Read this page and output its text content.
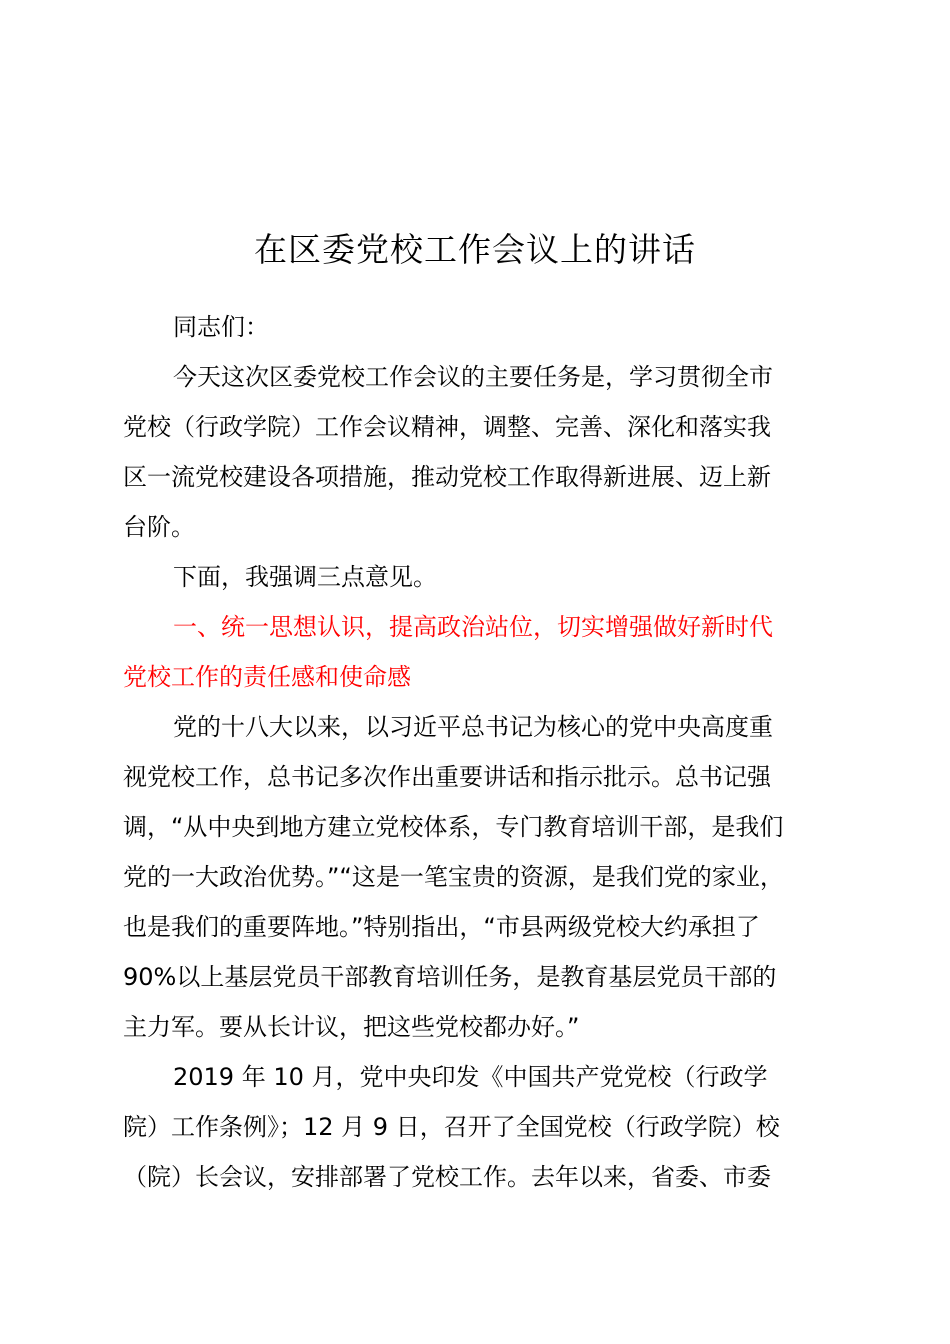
在区委党校工作会议上的讲话
同志们：
今天这次区委党校工作会议的主要任务是，学习贯彻全市
党校（行政学院）工作会议精神，调整、完善、深化和落实我
区一流党校建设各项措施，推动党校工作取得新进展、迈上新
台阶。
下面，我强调三点意见。
一、统一思想认识，提高政治站位，切实增强做好新时代
党校工作的责任感和使命感
党的十八大以来，以习近平总书记为核心的党中央高度重
视党校工作，总书记多次作出重要讲话和指示批示。总书记强
调，“从中央到地方建立党校体系，专门教育培训干部，是我们
党的一大政治优势。”“这是一笔宝贵的资源，是我们党的家业，
也是我们的重要阵地。”特别指出，“市县两级党校大约承担了
90%以上基层党员干部教育培训任务，是教育基层党员干部的
主力军。要从长计议，把这些党校都办好。”
2019 年 10 月，党中央印发《中国共产党党校（行政学
院）工作条例》；12 月 9 日，召开了全国党校（行政学院）校
（院）长会议，安排部署了党校工作。去年以来，省委、市委
